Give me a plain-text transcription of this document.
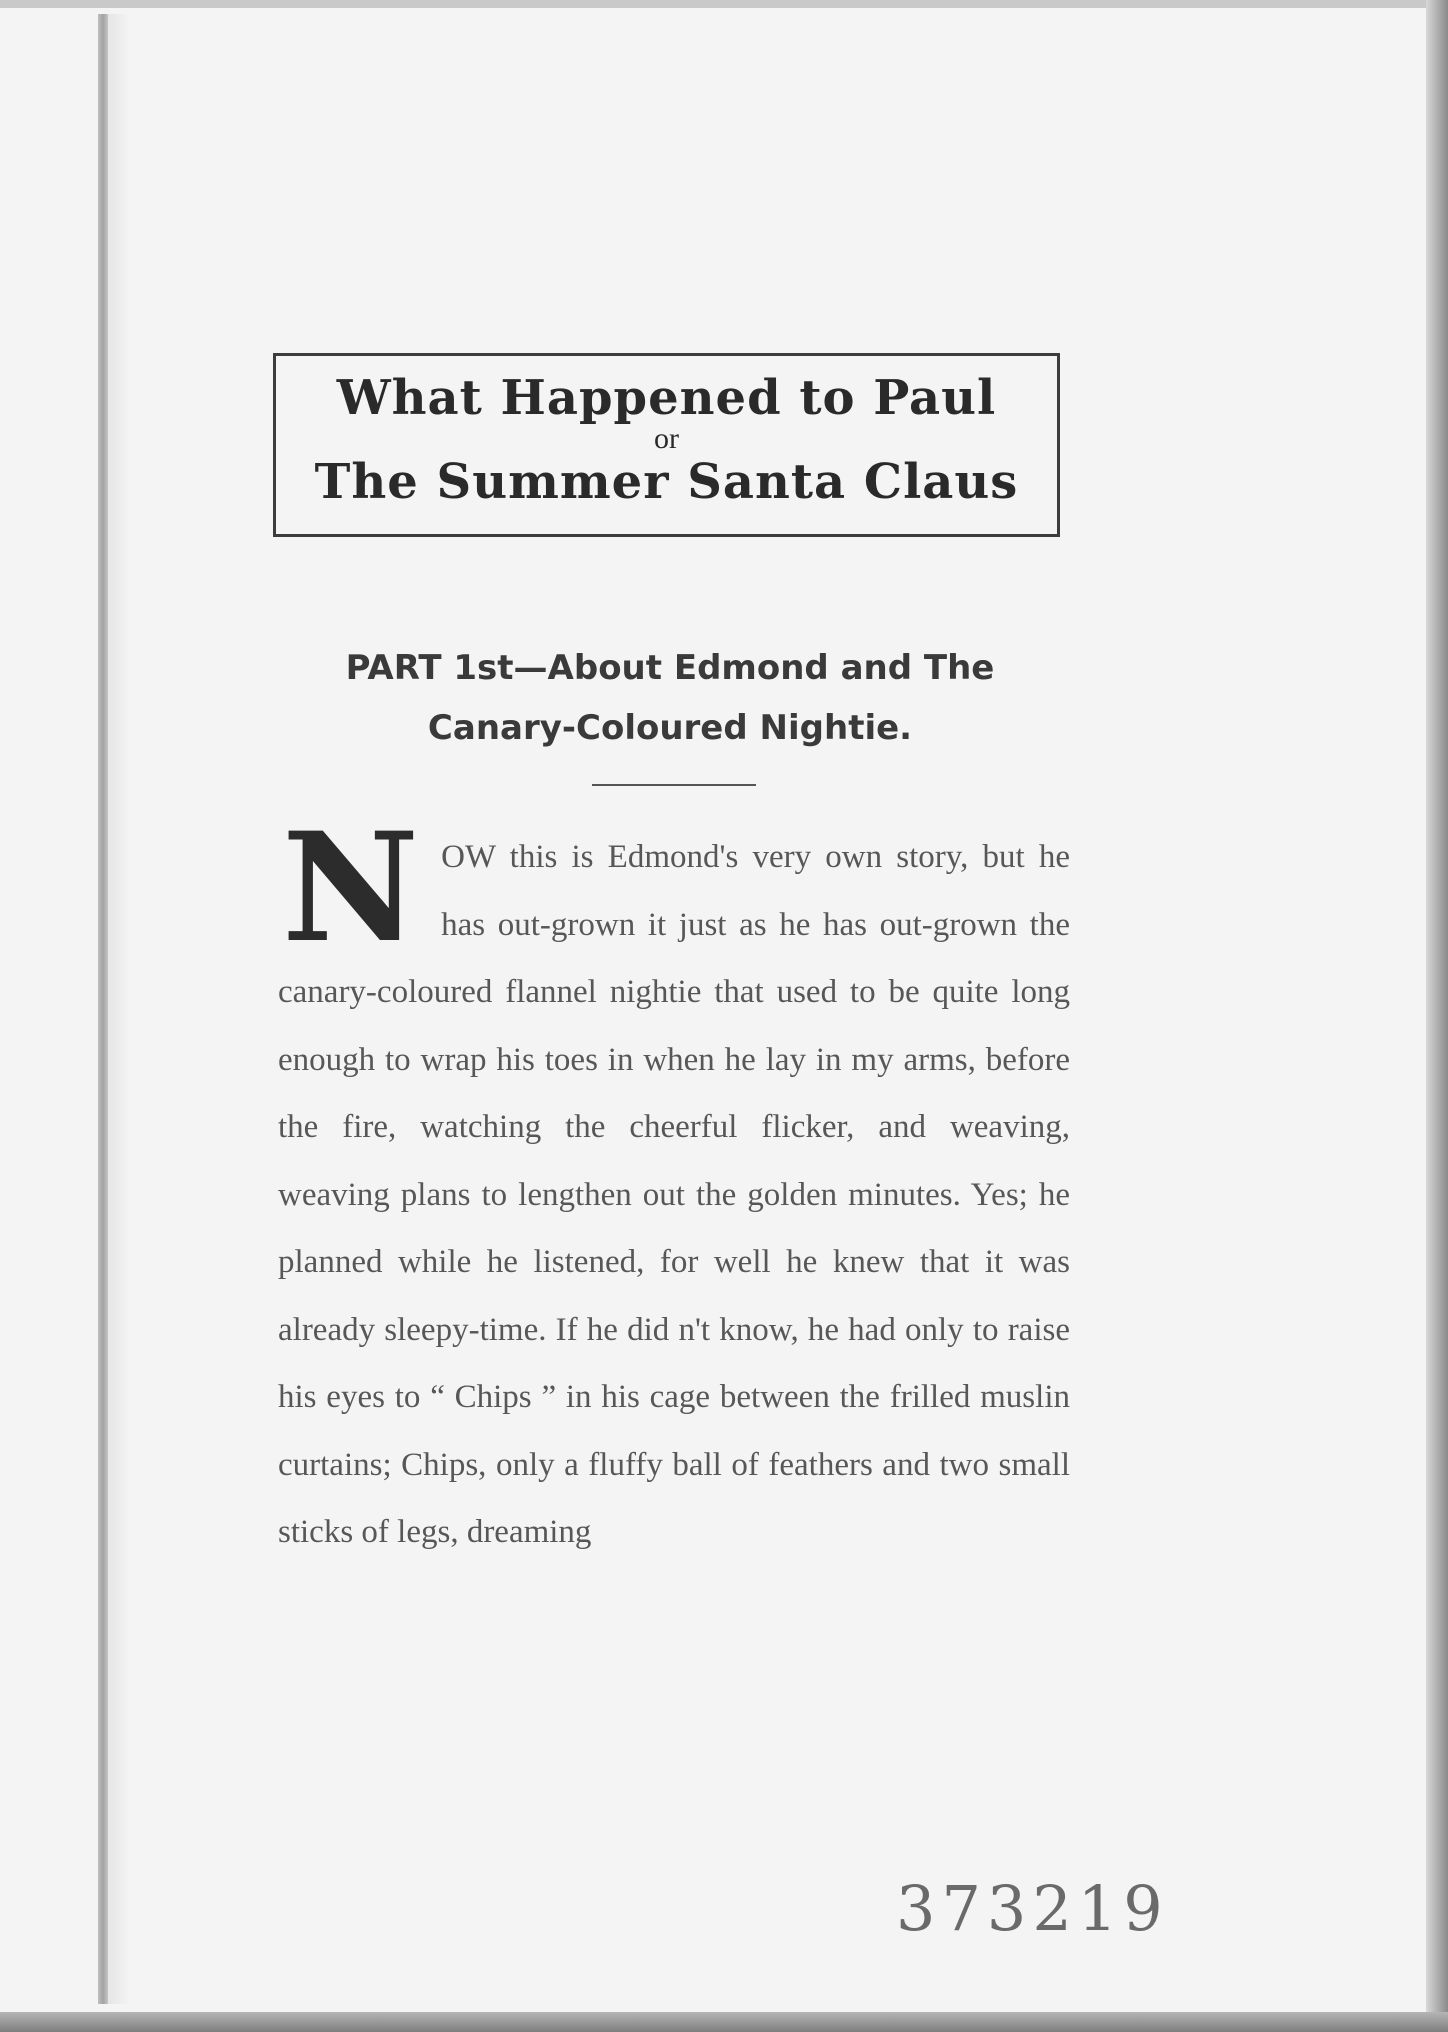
What Happened to Paul
or
The Summer Santa Claus
PART 1st—About Edmond and The
Canary-Coloured Nightie.
NOW this is Edmond's very own story, but he has out-grown it just as he has out-grown the canary-coloured flannel nightie that used to be quite long enough to wrap his toes in when he lay in my arms, before the fire, watching the cheerful flicker, and weaving, weaving plans to lengthen out the golden minutes. Yes; he planned while he listened, for well he knew that it was already sleepy-time. If he did n't know, he had only to raise his eyes to “ Chips ” in his cage between the frilled muslin curtains; Chips, only a fluffy ball of feathers and two small sticks of legs, dreaming
373219
